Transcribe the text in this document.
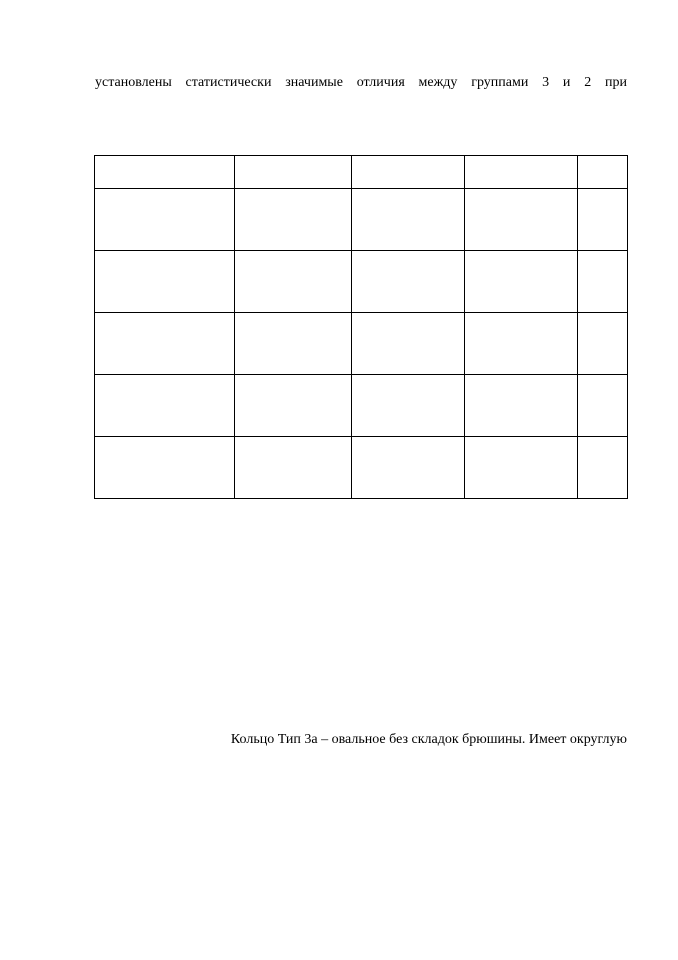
установлены статистически значимые отличия между группами 3 и 2 при

Кольцо Тип 3а – овальное без складок брюшины. Имеет округлую
